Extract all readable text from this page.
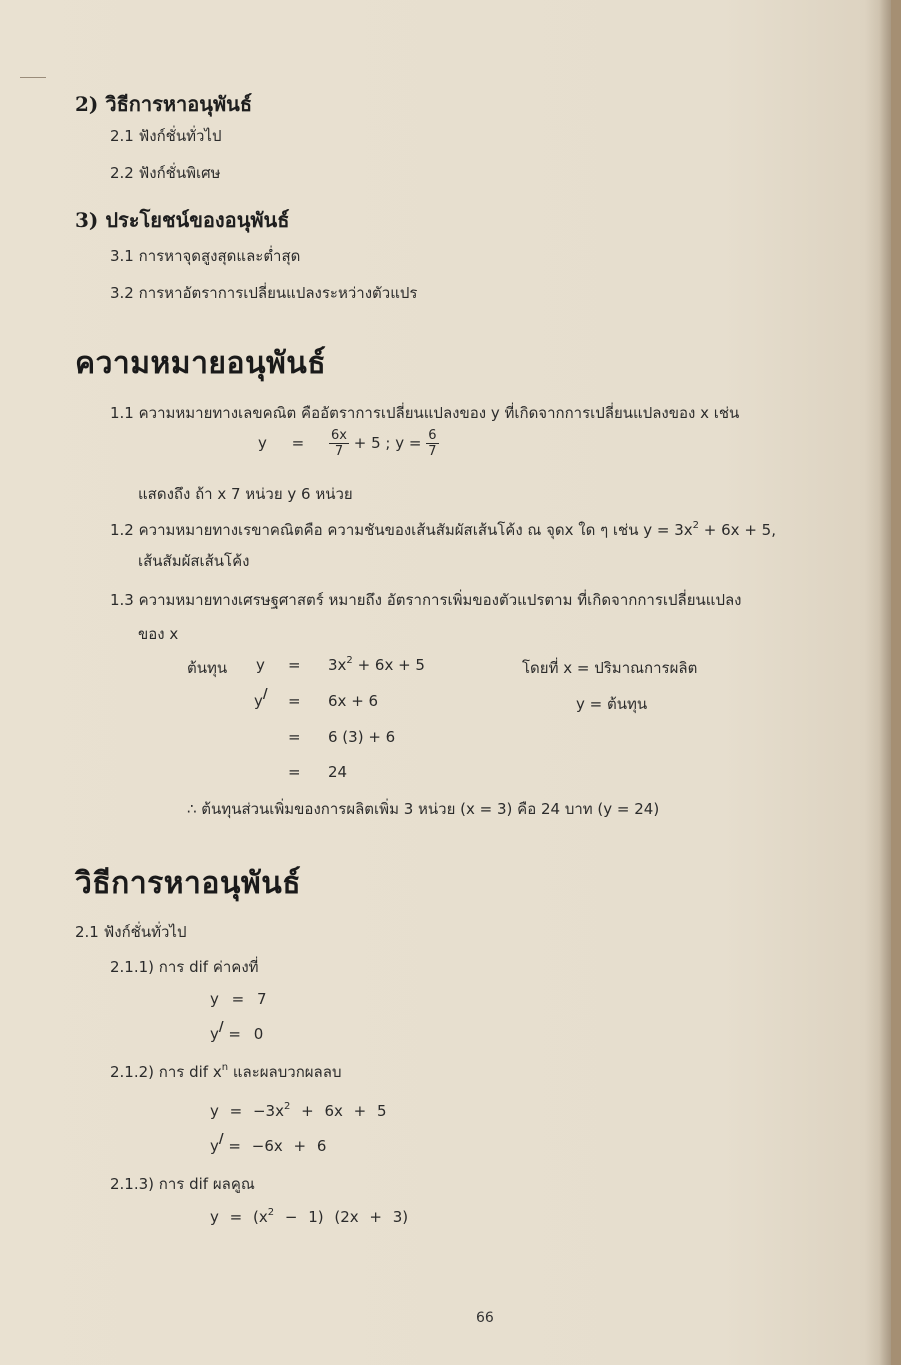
2) วิธีการหาอนุพันธ์
2.1 ฟังก์ชั่นทั่วไป
2.2 ฟังก์ชั่นพิเศษ
3) ประโยชน์ของอนุพันธ์
3.1 การหาจุดสูงสุดและต่ำสุด
3.2 การหาอัตราการเปลี่ยนแปลงระหว่างตัวแปร
ความหมายอนุพันธ์
1.1 ความหมายทางเลขคณิต คืออัตราการเปลี่ยนแปลงของ y ที่เกิดจากการเปลี่ยนแปลงของ x เช่น
$y = \frac{6x}{7} + 5$ ; $y = \frac{6}{7}$
แสดงถึง ถ้า x 7 หน่วย y 6 หน่วย
1.2 ความหมายทางเรขาคณิตคือ ความชันของเส้นสัมผัสเส้นโค้ง ณ จุดx ใด ๆ เช่น $y = 3x^2 + 6x + 5$,
เส้นสัมผัสเส้นโค้ง
1.3 ความหมายทางเศรษฐศาสตร์ หมายถึง อัตราการเพิ่มของตัวแปรตาม ที่เกิดจากการเปลี่ยนแปลง
ของ x
ต้นทุน $y = 3x^2 + 6x + 5$	โดยที่ x = ปริมาณการผลิต
y/ = 6x + 6	y = ต้นทุน
= 6 (3) + 6
= 24
∴ ต้นทุนส่วนเพิ่มของการผลิตเพิ่ม 3 หน่วย (x = 3) คือ 24 บาท (y = 24)
วิธีการหาอนุพันธ์
2.1 ฟังก์ชั่นทั่วไป
2.1.1) การ dif ค่าคงที่
y = 7
y/ = 0
2.1.2) การ dif $x^n$ และผลบวกผลลบ
$y = -3x^2 + 6x + 5$
y/ = −6x + 6
2.1.3) การ dif ผลคูณ
$y = (x^2 - 1) (2x + 3)$
66
